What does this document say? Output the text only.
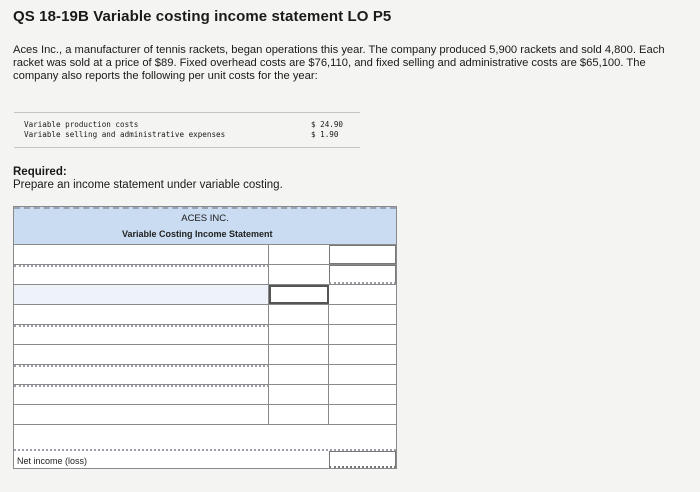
QS 18-19B Variable costing income statement LO P5
Aces Inc., a manufacturer of tennis rackets, began operations this year. The company produced 5,900 rackets and sold 4,800. Each racket was sold at a price of $89. Fixed overhead costs are $76,110, and fixed selling and administrative costs are $65,100. The company also reports the following per unit costs for the year:
Variable production costs	$ 24.90
Variable selling and administrative expenses	$ 1.90
Required:
Prepare an income statement under variable costing.
ACES INC.
Variable Costing Income Statement
Net income (loss)
